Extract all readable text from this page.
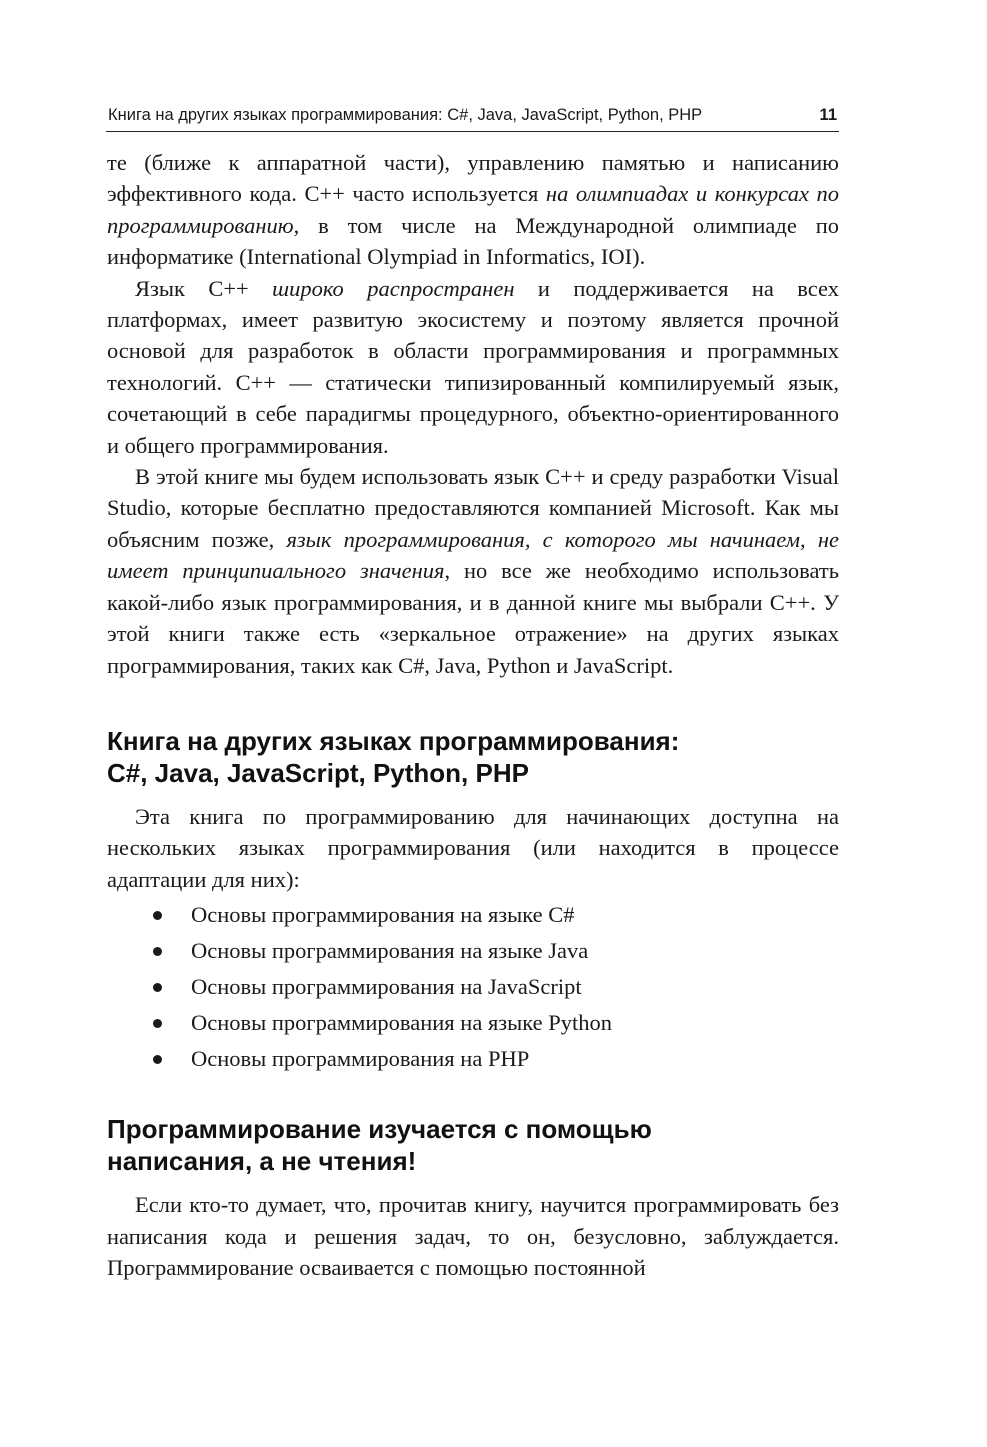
Книга на других языках программирования: C#, Java, JavaScript, Python, PHP	11

те (ближе к аппаратной части), управлению памятью и написанию эффективного кода. C++ часто используется на олимпиадах и конкурсах по программированию, в том числе на Международной олимпиаде по информатике (International Olympiad in Informatics, IOI).

Язык C++ широко распространен и поддерживается на всех платформах, имеет развитую экосистему и поэтому является прочной основой для разработок в области программирования и программных технологий. C++ — статически типизированный компилируемый язык, сочетающий в себе парадигмы процедурного, объектно-ориентированного и общего программирования.

В этой книге мы будем использовать язык C++ и среду разработки Visual Studio, которые бесплатно предоставляются компанией Microsoft. Как мы объясним позже, язык программирования, с которого мы начинаем, не имеет принципиального значения, но все же необходимо использовать какой-либо язык программирования, и в данной книге мы выбрали C++. У этой книги также есть «зеркальное отражение» на других языках программирования, таких как C#, Java, Python и JavaScript.

Книга на других языках программирования:
C#, Java, JavaScript, Python, PHP

Эта книга по программированию для начинающих доступна на нескольких языках программирования (или находится в процессе адаптации для них):

Основы программирования на языке C#
Основы программирования на языке Java
Основы программирования на JavaScript
Основы программирования на языке Python
Основы программирования на PHP
Программирование изучается с помощью
написания, а не чтения!

Если кто-то думает, что, прочитав книгу, научится программировать без написания кода и решения задач, то он, безусловно, заблуждается. Программирование осваивается с помощью постоянной
